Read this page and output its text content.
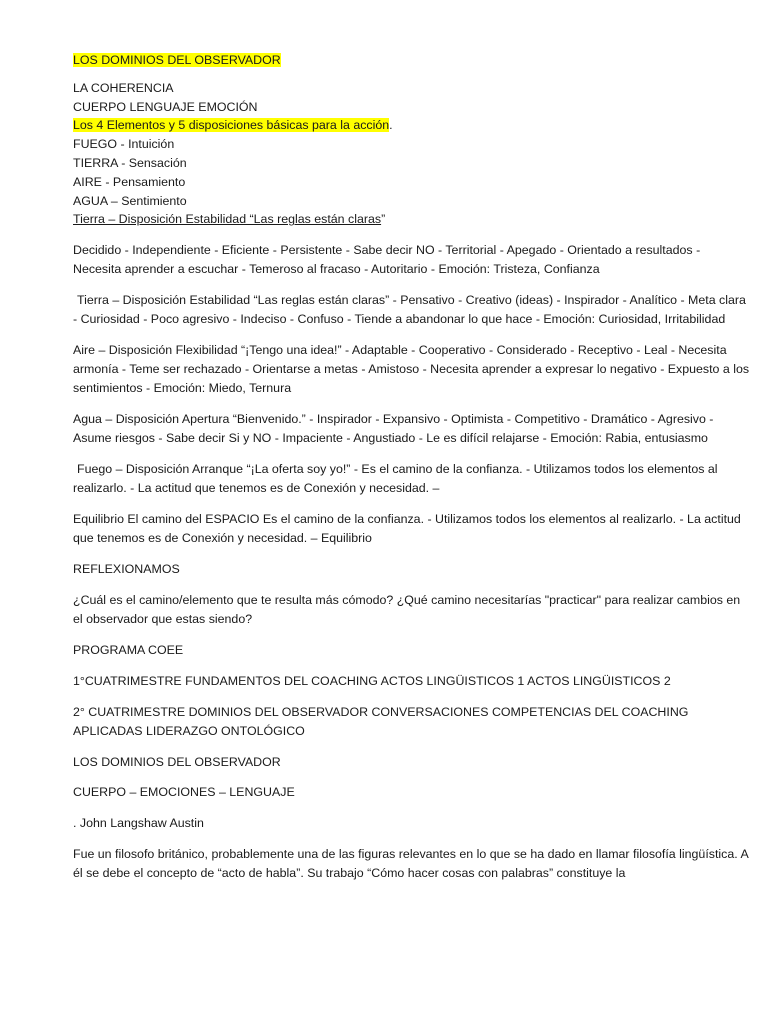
LOS DOMINIOS DEL OBSERVADOR
LA COHERENCIA
CUERPO LENGUAJE EMOCIÓN
Los 4 Elementos y 5 disposiciones básicas para la acción.
FUEGO - Intuición
TIERRA - Sensación
AIRE - Pensamiento
AGUA – Sentimiento
Tierra – Disposición Estabilidad “Las reglas están claras”
Decidido - Independiente - Eficiente - Persistente - Sabe decir NO - Territorial - Apegado - Orientado a resultados - Necesita aprender a escuchar - Temeroso al fracaso - Autoritario - Emoción: Tristeza, Confianza
Tierra – Disposición Estabilidad “Las reglas están claras” - Pensativo - Creativo (ideas) - Inspirador - Analítico - Meta clara - Curiosidad - Poco agresivo - Indeciso - Confuso - Tiende a abandonar lo que hace - Emoción: Curiosidad, Irritabilidad
Aire – Disposición Flexibilidad “¡Tengo una idea!” - Adaptable - Cooperativo - Considerado - Receptivo - Leal - Necesita armonía - Teme ser rechazado - Orientarse a metas - Amistoso - Necesita aprender a expresar lo negativo - Expuesto a los sentimientos - Emoción: Miedo, Ternura
Agua – Disposición Apertura “Bienvenido.” - Inspirador - Expansivo - Optimista - Competitivo - Dramático - Agresivo - Asume riesgos - Sabe decir Si y NO - Impaciente - Angustiado - Le es difícil relajarse - Emoción: Rabia, entusiasmo
Fuego – Disposición Arranque “¡La oferta soy yo!” - Es el camino de la confianza. - Utilizamos todos los elementos al realizarlo. - La actitud que tenemos es de Conexión y necesidad. –
Equilibrio El camino del ESPACIO Es el camino de la confianza. - Utilizamos todos los elementos al realizarlo. - La actitud que tenemos es de Conexión y necesidad. – Equilibrio
REFLEXIONAMOS
¿Cuál es el camino/elemento que te resulta más cómodo? ¿Qué camino necesitarías "practicar" para realizar cambios en el observador que estas siendo?
PROGRAMA COEE
1°CUATRIMESTRE FUNDAMENTOS DEL COACHING ACTOS LINGÜISTICOS 1 ACTOS LINGÜISTICOS 2
2° CUATRIMESTRE DOMINIOS DEL OBSERVADOR CONVERSACIONES COMPETENCIAS DEL COACHING APLICADAS LIDERAZGO ONTOLÓGICO
LOS DOMINIOS DEL OBSERVADOR
CUERPO – EMOCIONES – LENGUAJE
. John Langshaw Austin
Fue un filosofo británico, probablemente una de las figuras relevantes en lo que se ha dado en llamar filosofía lingüística. A él se debe el concepto de “acto de habla”. Su trabajo “Cómo hacer cosas con palabras” constituye la
